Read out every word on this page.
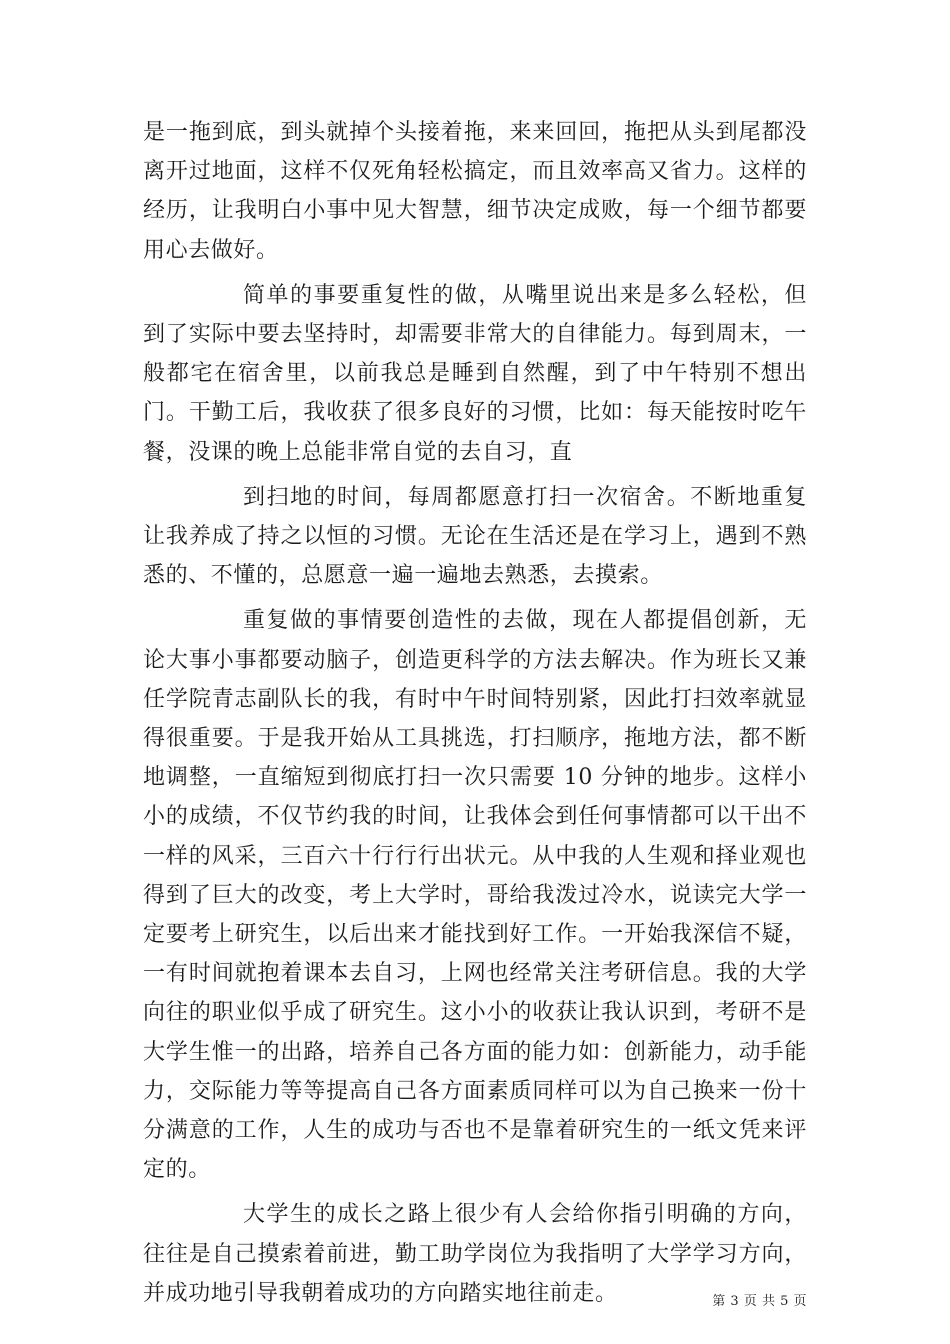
是一拖到底，到头就掉个头接着拖，来来回回，拖把从头到尾都没离开过地面，这样不仅死角轻松搞定，而且效率高又省力。这样的经历，让我明白小事中见大智慧，细节决定成败，每一个细节都要用心去做好。

简单的事要重复性的做，从嘴里说出来是多么轻松，但到了实际中要去坚持时，却需要非常大的自律能力。每到周末，一般都宅在宿舍里，以前我总是睡到自然醒，到了中午特别不想出门。干勤工后，我收获了很多良好的习惯，比如：每天能按时吃午餐，没课的晚上总能非常自觉的去自习，直

到扫地的时间，每周都愿意打扫一次宿舍。不断地重复让我养成了持之以恒的习惯。无论在生活还是在学习上，遇到不熟悉的、不懂的，总愿意一遍一遍地去熟悉，去摸索。

重复做的事情要创造性的去做，现在人都提倡创新，无论大事小事都要动脑子，创造更科学的方法去解决。作为班长又兼任学院青志副队长的我，有时中午时间特别紧，因此打扫效率就显得很重要。于是我开始从工具挑选，打扫顺序，拖地方法，都不断地调整，一直缩短到彻底打扫一次只需要 10 分钟的地步。这样小小的成绩，不仅节约我的时间，让我体会到任何事情都可以干出不一样的风采，三百六十行行行出状元。从中我的人生观和择业观也得到了巨大的改变，考上大学时，哥给我泼过冷水，说读完大学一定要考上研究生，以后出来才能找到好工作。一开始我深信不疑，一有时间就抱着课本去自习，上网也经常关注考研信息。我的大学向往的职业似乎成了研究生。这小小的收获让我认识到，考研不是大学生惟一的出路，培养自己各方面的能力如：创新能力，动手能力，交际能力等等提高自己各方面素质同样可以为自己换来一份十分满意的工作，人生的成功与否也不是靠着研究生的一纸文凭来评定的。

大学生的成长之路上很少有人会给你指引明确的方向，往往是自己摸索着前进，勤工助学岗位为我指明了大学学习方向，并成功地引导我朝着成功的方向踏实地往前走。	第 3 页 共 5 页
